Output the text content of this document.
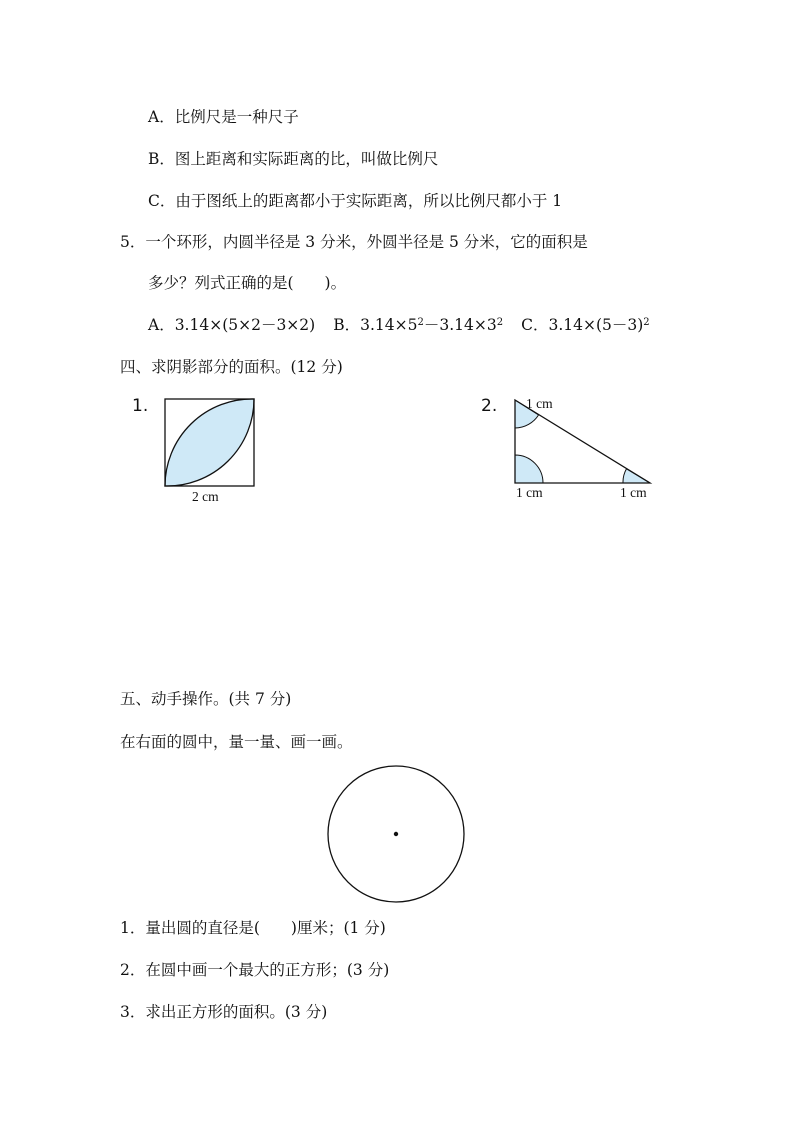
A．比例尺是一种尺子
B．图上距离和实际距离的比，叫做比例尺
C．由于图纸上的距离都小于实际距离，所以比例尺都小于 1
5．一个环形，内圆半径是 3 分米，外圆半径是 5 分米，它的面积是
多少？列式正确的是(　　)。
A．3.14×(5×2－3×2) B．$3.14\times 5^2-3.14\times 3^2$ C．$3.14\times(5-3)^2$
四、求阴影部分的面积。(12 分)
1.
2 cm
2. 1 cm
1 cm	1 cm
五、动手操作。(共 7 分)
在右面的圆中，量一量、画一画。
1．量出圆的直径是(　　)厘米；(1 分)
2．在圆中画一个最大的正方形；(3 分)
3．求出正方形的面积。(3 分)
